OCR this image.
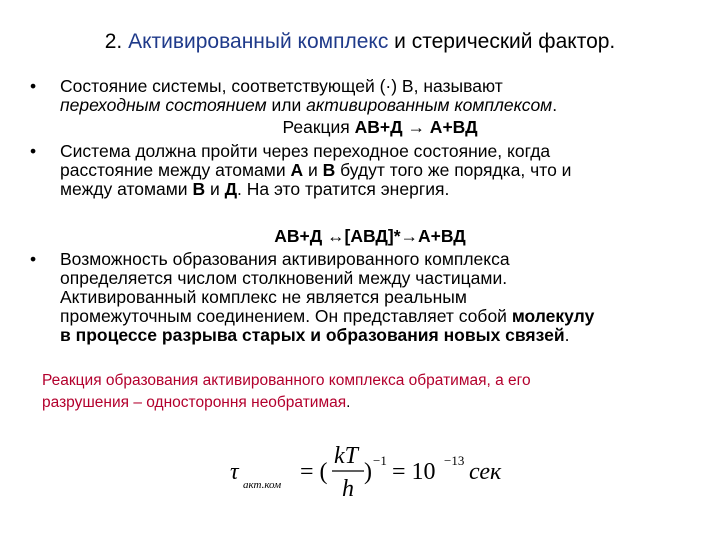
2. Активированный комплекс и стерический фактор.
• Состояние системы, соответствующей (·) В, называют
переходным состоянием или активированным комплексом.
Реакция АВ+Д → А+ВД
• Система должна пройти через переходное состояние, когда
расстояние между атомами А и В будут того же порядка, что и
между атомами В и Д. На это тратится энергия.
АВ+Д ↔[АВД]*→А+ВД
• Возможность образования активированного комплекса
определяется числом столкновений между частицами.
Активированный комплекс не является реальным
промежуточным соединением. Он представляет собой молекулу
в процессе разрыва старых и образования новых связей.
Реакция образования активированного комплекса обратимая, а его
разрушения – одностороння необратимая.
τ акт.ком = (
kT
h
) −1 = 10 −13 сек
